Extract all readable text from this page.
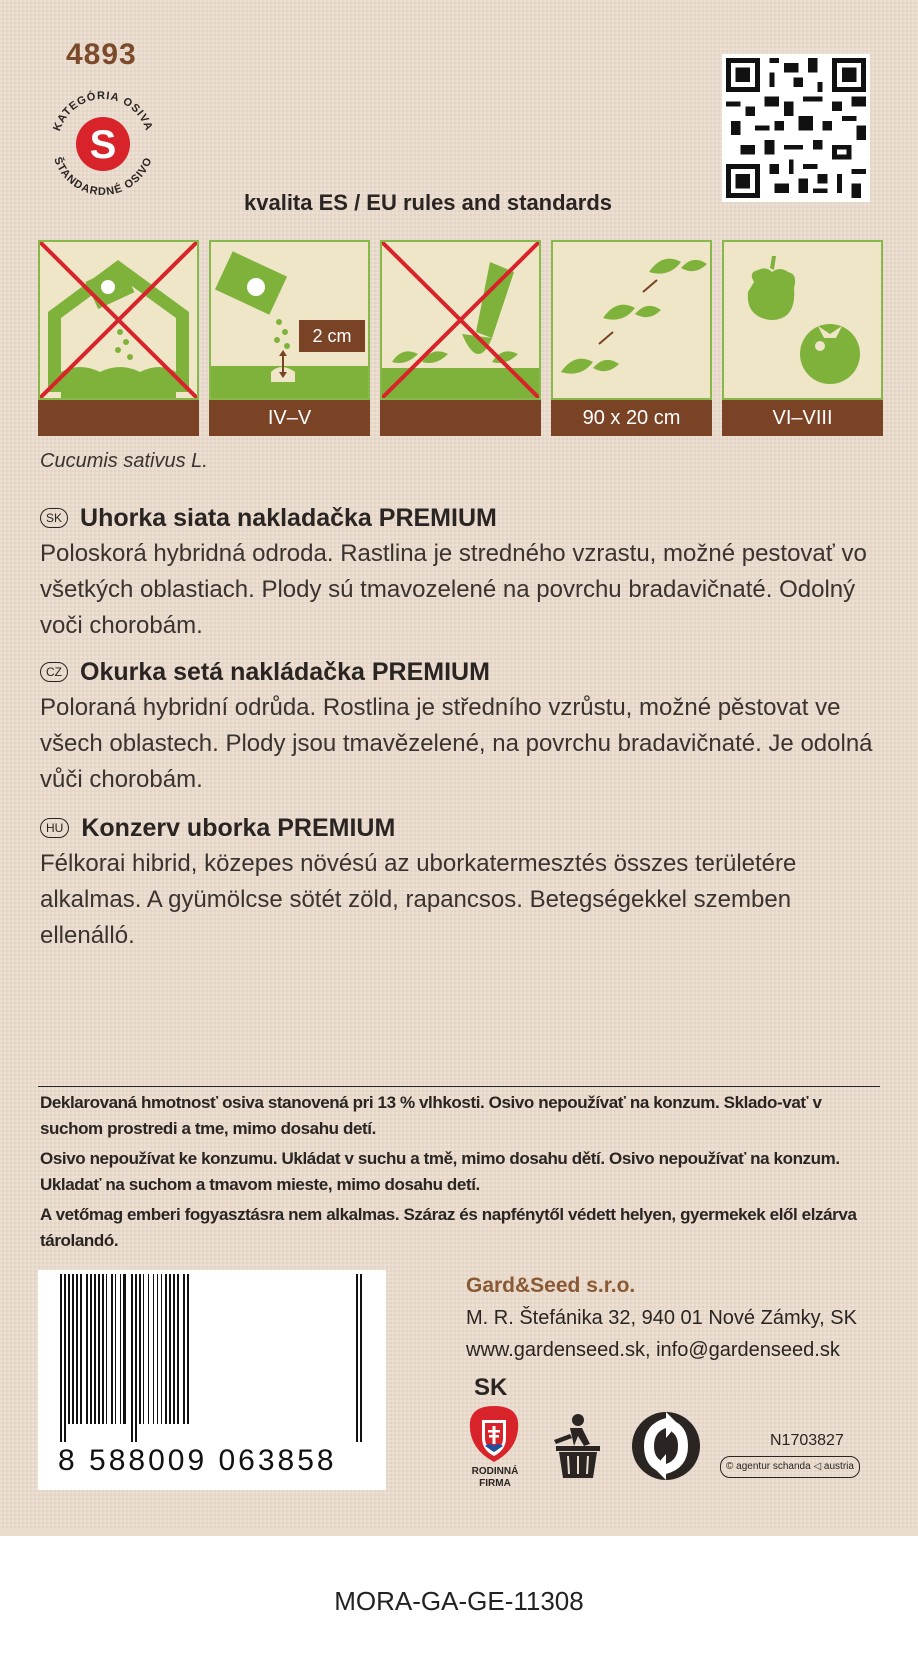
4893
S
KATEGÓRIA OSIVA
ŠTANDARDNÉ OSIVO
kvalita ES / EU rules and standards
2 cm
IV–V	90 x 20 cm	VI–VIII
Cucumis sativus L.
SK Uhorka siata nakladačka PREMIUM
Poloskorá hybridná odroda. Rastlina je stredného vzrastu, možné pestovať vo všetkých oblastiach. Plody sú tmavozelené na povrchu bradavičnaté. Odolný voči chorobám.
CZ Okurka setá nakládačka PREMIUM
Poloraná hybridní odrůda. Rostlina je středního vzrůstu, možné pěstovat ve všech oblastech. Plody jsou tmavězelené, na povrchu bradavičnaté. Je odolná vůči chorobám.
HU Konzerv uborka PREMIUM
Félkorai hibrid, közepes növésú az uborkatermesztés összes területére alkalmas. A gyümölcse sötét zöld, rapancsos. Betegségekkel szemben ellenálló.
Deklarovaná hmotnosť osiva stanovená pri 13 % vlhkosti. Osivo nepoužívať na konzum. Sklado-vať v suchom prostredi a tme, mimo dosahu detí.
Osivo nepoužívat ke konzumu. Ukládat v suchu a tmě, mimo dosahu dětí. Osivo nepoužívať na konzum. Ukladať na suchom a tmavom mieste, mimo dosahu detí.
A vetőmag emberi fogyasztásra nem alkalmas. Száraz és napfénytől védett helyen, gyermekek elől elzárva tárolandó.
8 588009 063858
Gard&Seed s.r.o.
M. R. Štefánika 32, 940 01 Nové Zámky, SK
www.gardenseed.sk, info@gardenseed.sk
SK
RODINNÁ FIRMA
N1703827
© agentur schanda ◁ austria
MORA-GA-GE-11308
